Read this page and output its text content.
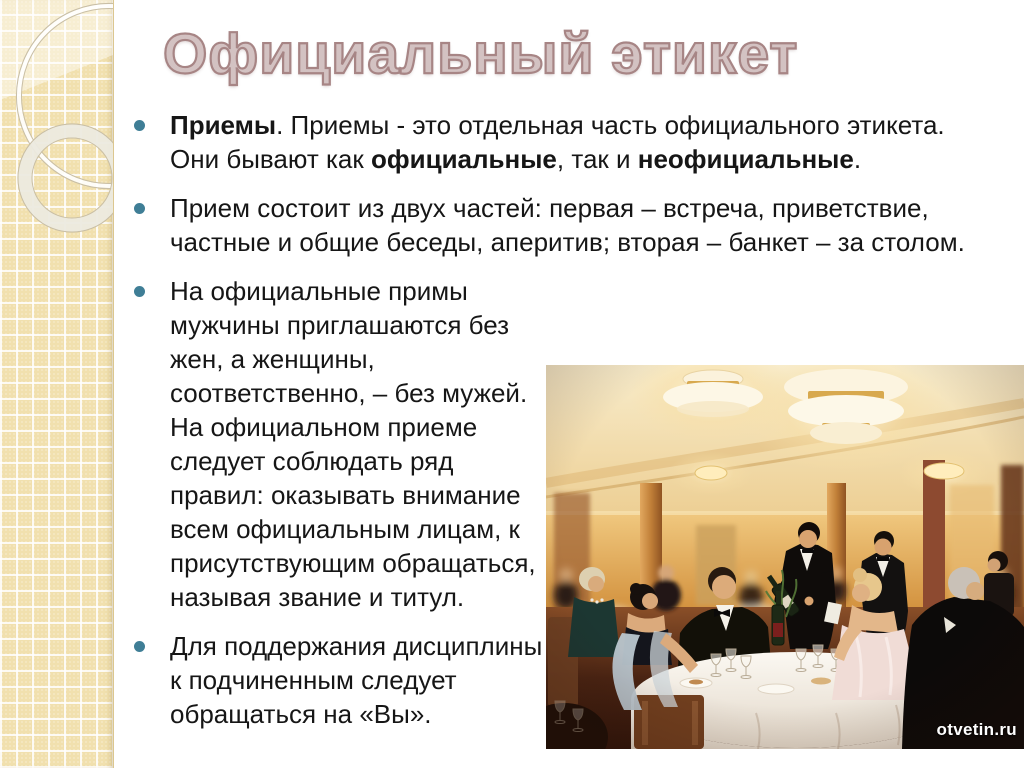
Официальный этикет
Приемы. Приемы - это отдельная часть официального этикета.
Они бывают как официальные, так и неофициальные.
Прием состоит из двух частей: первая – встреча, приветствие,
частные и общие беседы, аперитив; вторая – банкет – за столом.
На официальные примы
мужчины приглашаются без
жен, а женщины,
соответственно, – без мужей.
На официальном приеме
следует соблюдать ряд
правил: оказывать внимание
всем официальным лицам, к
присутствующим обращаться,
называя звание и титул.
Для поддержания дисциплины
к подчиненным следует
обращаться на «Вы».
otvetin.ru
